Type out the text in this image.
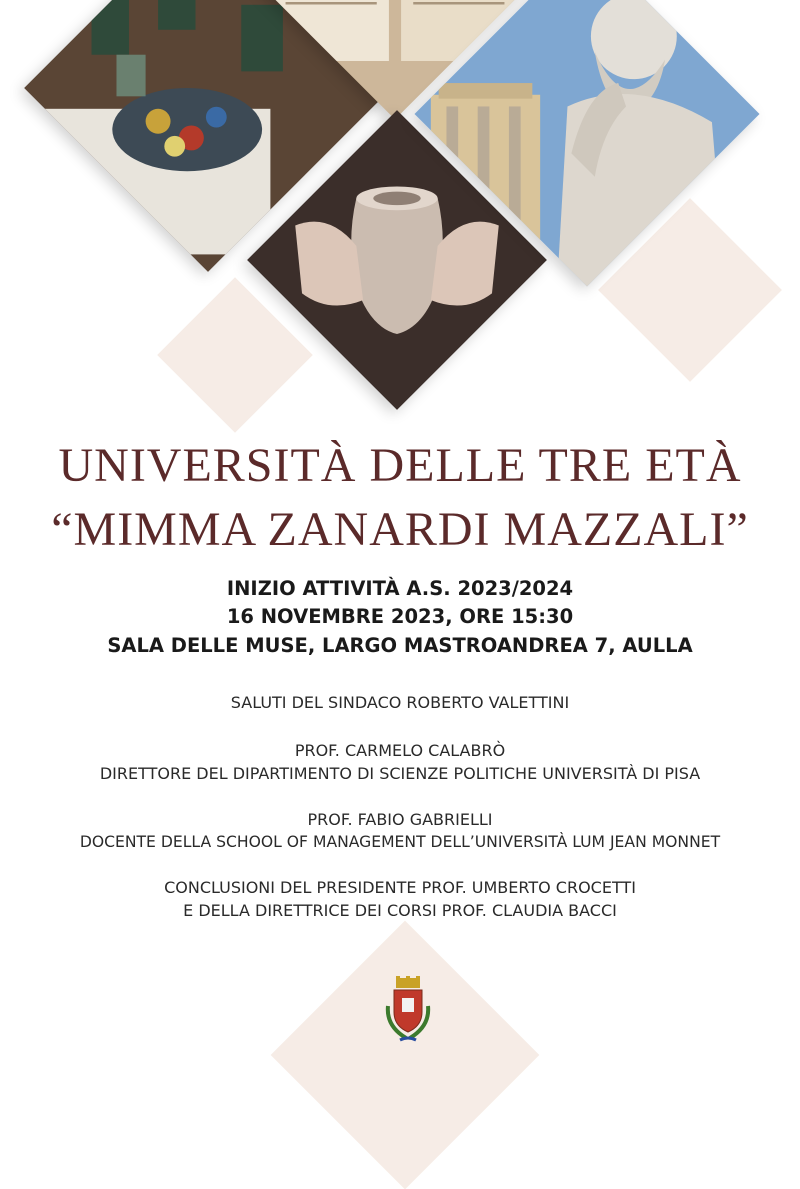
UNIVERSITÀ DELLE TRE ETÀ
“MIMMA ZANARDI MAZZALI”
INIZIO ATTIVITÀ A.S. 2023/2024
16 NOVEMBRE 2023, ORE 15:30
SALA DELLE MUSE, LARGO MASTROANDREA 7, AULLA
SALUTI DEL SINDACO ROBERTO VALETTINI
PROF. CARMELO CALABRÒ
DIRETTORE DEL DIPARTIMENTO DI SCIENZE POLITICHE UNIVERSITÀ DI PISA
PROF. FABIO GABRIELLI
DOCENTE DELLA SCHOOL OF MANAGEMENT DELL’UNIVERSITÀ LUM JEAN MONNET
CONCLUSIONI DEL PRESIDENTE PROF. UMBERTO CROCETTI
E DELLA DIRETTRICE DEI CORSI PROF. CLAUDIA BACCI
